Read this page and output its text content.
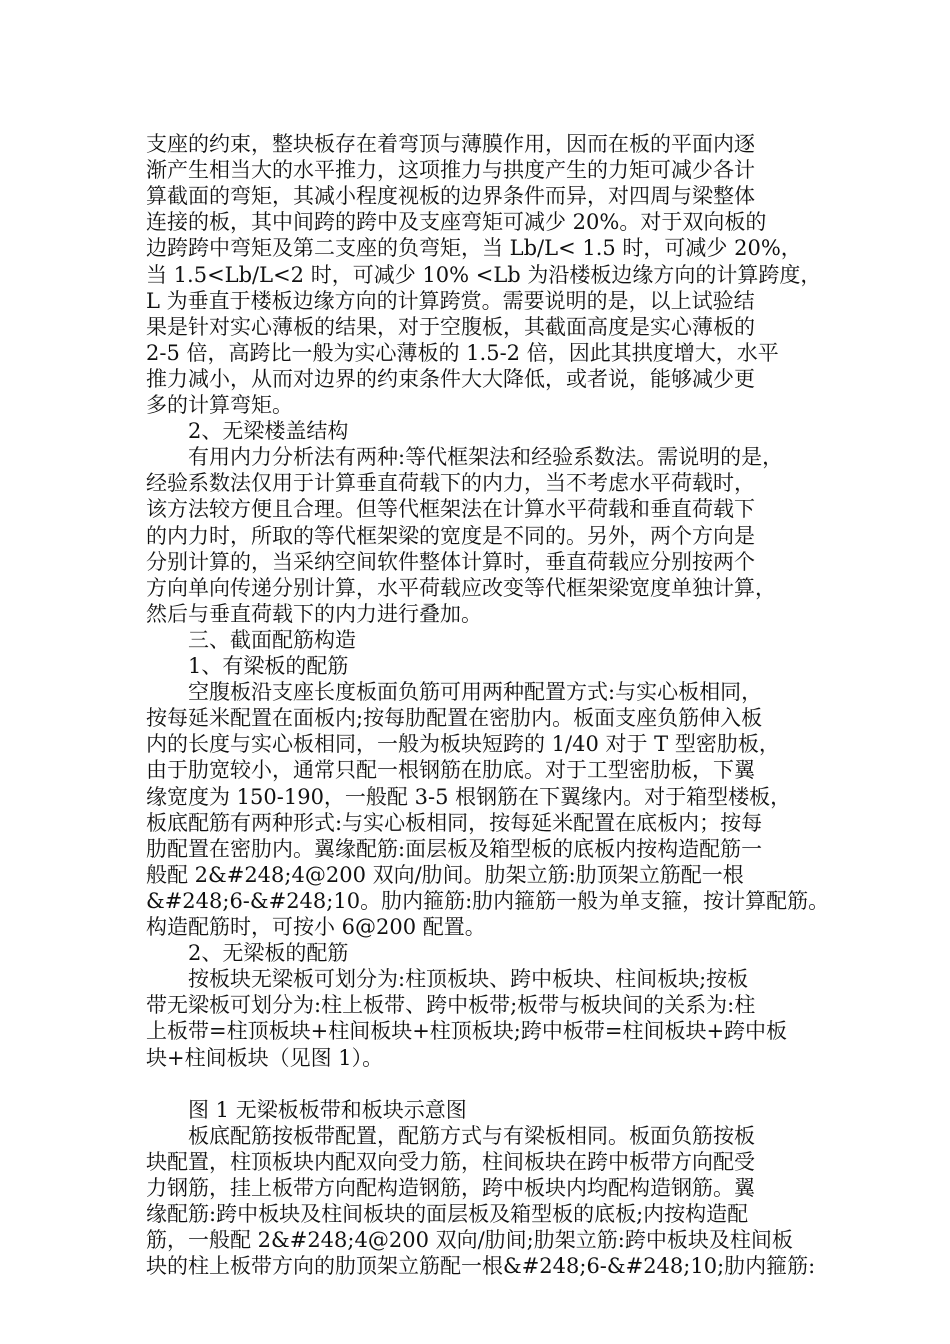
支座的约束，整块板存在着弯顶与薄膜作用，因而在板的平面内逐
渐产生相当大的水平推力，这项推力与拱度产生的力矩可减少各计
算截面的弯矩，其减小程度视板的边界条件而异，对四周与梁整体
连接的板，其中间跨的跨中及支座弯矩可减少 20%。对于双向板的
边跨跨中弯矩及第二支座的负弯矩，当 Lb/L< 1.5 时，可减少 20%，
当 1.5<Lb/L<2 时，可减少 10% <Lb 为沿楼板边缘方向的计算跨度，
L 为垂直于楼板边缘方向的计算跨赏。需要说明的是，以上试验结
果是针对实心薄板的结果，对于空腹板，其截面高度是实心薄板的
2-5 倍，高跨比一般为实心薄板的 1.5-2 倍，因此其拱度增大，水平
推力减小，从而对边界的约束条件大大降低，或者说，能够减少更
多的计算弯矩。
　　2、无梁楼盖结构
　　有用内力分析法有两种:等代框架法和经验系数法。需说明的是，
经验系数法仅用于计算垂直荷载下的内力，当不考虑水平荷载时，
该方法较方便且合理。但等代框架法在计算水平荷载和垂直荷载下
的内力时，所取的等代框架梁的宽度是不同的。另外，两个方向是
分别计算的，当采纳空间软件整体计算时，垂直荷载应分别按两个
方向单向传递分别计算，水平荷载应改变等代框架梁宽度单独计算，
然后与垂直荷载下的内力进行叠加。
　　三、截面配筋构造
　　1、有梁板的配筋
　　空腹板沿支座长度板面负筋可用两种配置方式:与实心板相同，
按每延米配置在面板内;按每肋配置在密肋内。板面支座负筋伸入板
内的长度与实心板相同，一般为板块短跨的 1/40 对于 T 型密肋板，
由于肋宽较小，通常只配一根钢筋在肋底。对于工型密肋板，下翼
缘宽度为 150-190，一般配 3-5 根钢筋在下翼缘内。对于箱型楼板，
板底配筋有两种形式:与实心板相同，按每延米配置在底板内；按每
肋配置在密肋内。翼缘配筋:面层板及箱型板的底板内按构造配筋一
般配 2&#248;4@200 双向/肋间。肋架立筋:肋顶架立筋配一根
&#248;6-&#248;10。肋内箍筋:肋内箍筋一般为单支箍，按计算配筋。
构造配筋时，可按小 6@200 配置。
　　2、无梁板的配筋
　　按板块无梁板可划分为:柱顶板块、跨中板块、柱间板块;按板
带无梁板可划分为:柱上板带、跨中板带;板带与板块间的关系为:柱
上板带=柱顶板块+柱间板块+柱顶板块;跨中板带=柱间板块+跨中板
块+柱间板块（见图 1）。
　　图 1 无梁板板带和板块示意图
　　板底配筋按板带配置，配筋方式与有梁板相同。板面负筋按板
块配置，柱顶板块内配双向受力筋，柱间板块在跨中板带方向配受
力钢筋，挂上板带方向配构造钢筋，跨中板块内均配构造钢筋。翼
缘配筋:跨中板块及柱间板块的面层板及箱型板的底板;内按构造配
筋，一般配 2&#248;4@200 双向/肋间;肋架立筋:跨中板块及柱间板
块的柱上板带方向的肋顶架立筋配一根&#248;6-&#248;10;肋内箍筋:
